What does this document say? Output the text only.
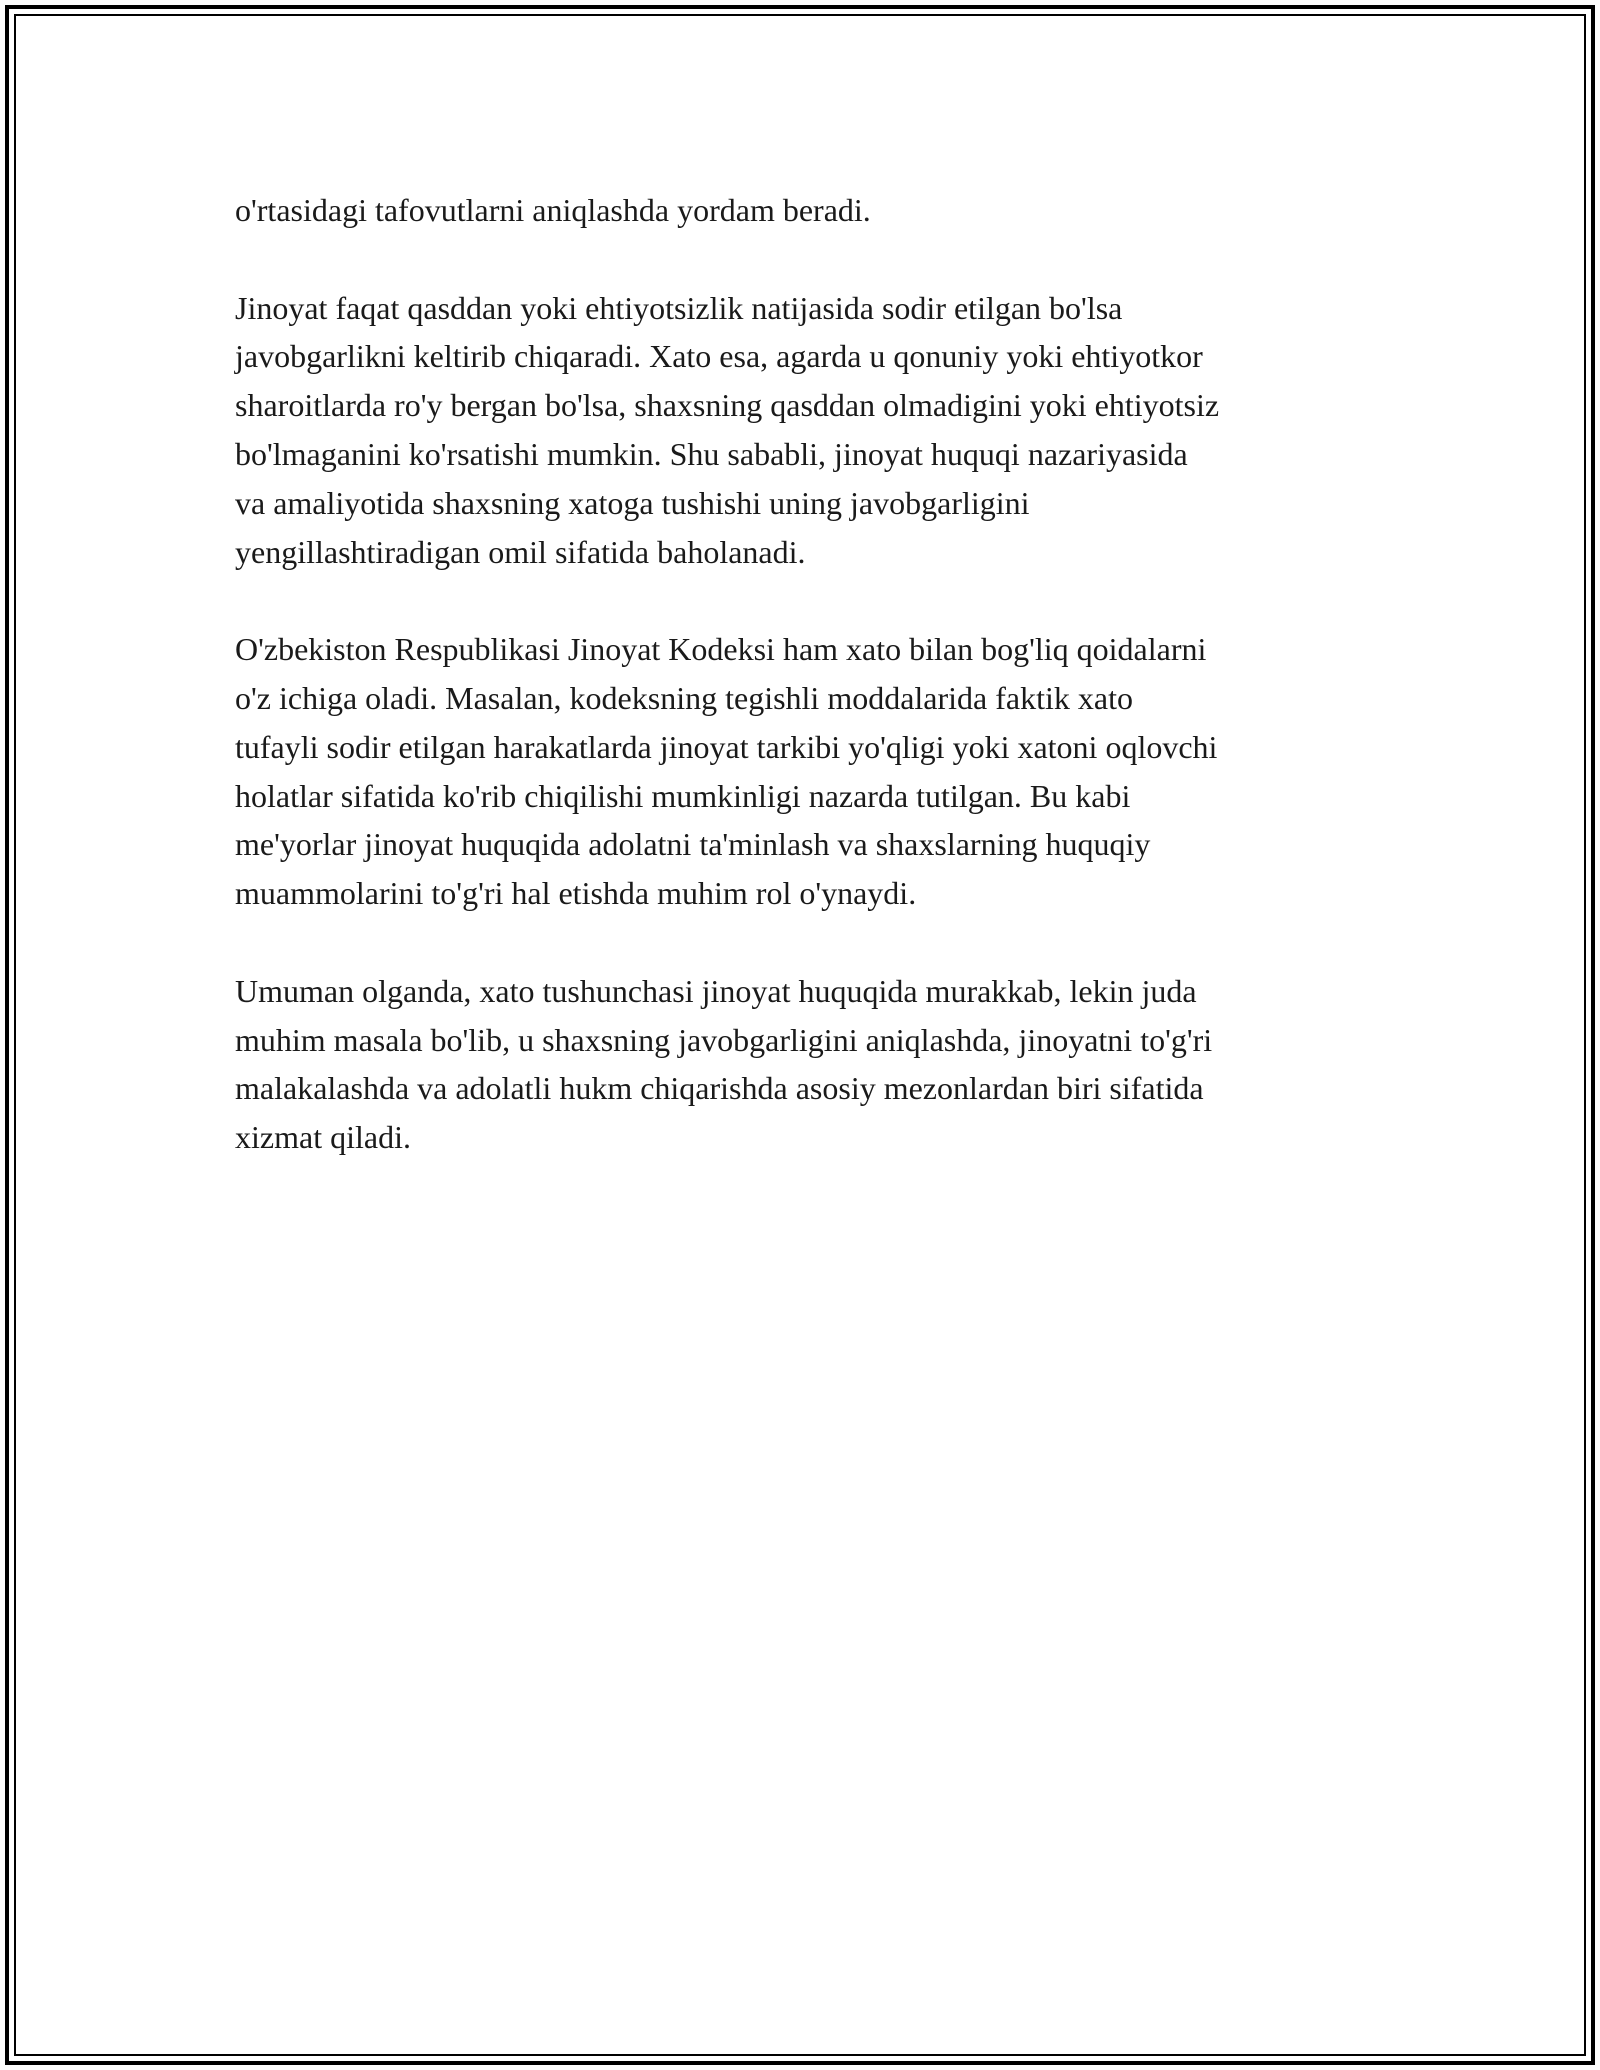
o'rtasidagi tafovutlarni aniqlashda yordam beradi.

Jinoyat faqat qasddan yoki ehtiyotsizlik natijasida sodir etilgan bo'lsa
javobgarlikni keltirib chiqaradi. Xato esa, agarda u qonuniy yoki ehtiyotkor
sharoitlarda ro'y bergan bo'lsa, shaxsning qasddan olmadigini yoki ehtiyotsiz
bo'lmaganini ko'rsatishi mumkin. Shu sababli, jinoyat huquqi nazariyasida
va amaliyotida shaxsning xatoga tushishi uning javobgarligini
yengillashtiradigan omil sifatida baholanadi.

O'zbekiston Respublikasi Jinoyat Kodeksi ham xato bilan bog'liq qoidalarni
o'z ichiga oladi. Masalan, kodeksning tegishli moddalarida faktik xato
tufayli sodir etilgan harakatlarda jinoyat tarkibi yo'qligi yoki xatoni oqlovchi
holatlar sifatida ko'rib chiqilishi mumkinligi nazarda tutilgan. Bu kabi
me'yorlar jinoyat huquqida adolatni ta'minlash va shaxslarning huquqiy
muammolarini to'g'ri hal etishda muhim rol o'ynaydi.

Umuman olganda, xato tushunchasi jinoyat huquqida murakkab, lekin juda
muhim masala bo'lib, u shaxsning javobgarligini aniqlashda, jinoyatni to'g'ri
malakalashda va adolatli hukm chiqarishda asosiy mezonlardan biri sifatida
xizmat qiladi.
